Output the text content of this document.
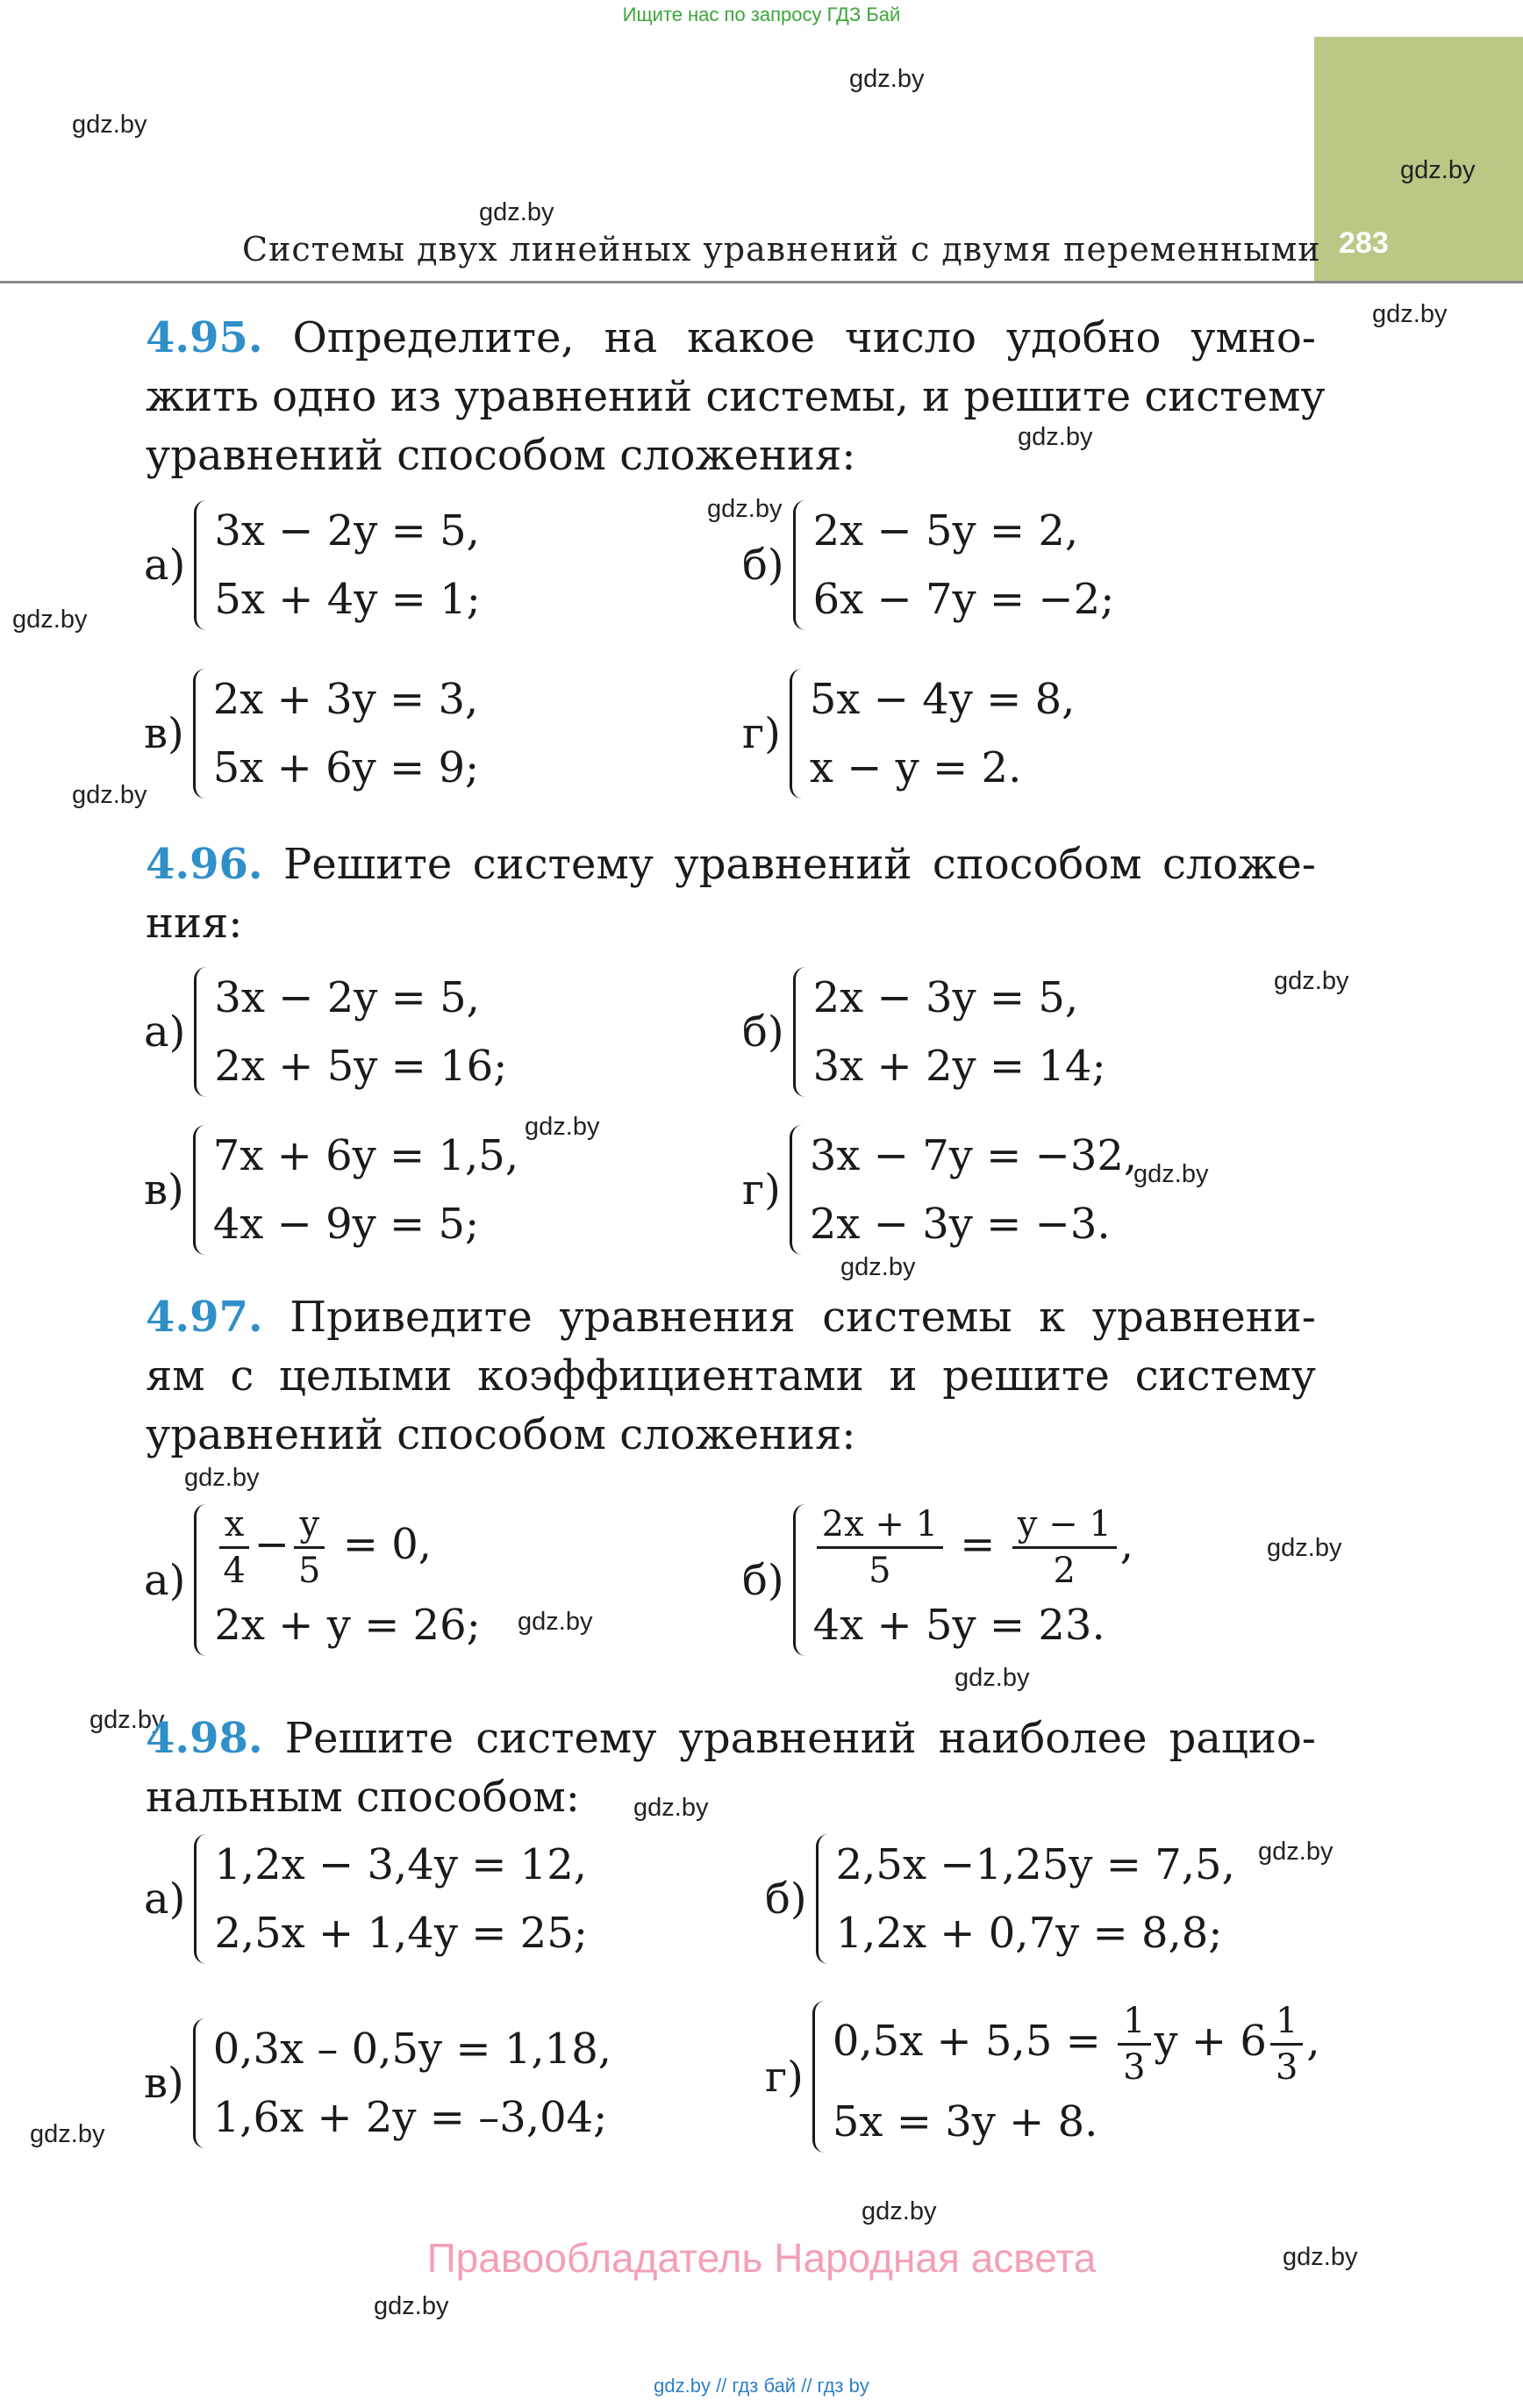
Ищите нас по запросу ГДЗ Бай
283
Системы двух линейных уравнений с двумя переменными
gdz.by
gdz.by
gdz.by
gdz.by
gdz.by
gdz.by
gdz.by
gdz.by
gdz.by
gdz.by
gdz.by
gdz.by
gdz.by
gdz.by
gdz.by
gdz.by
gdz.by
gdz.by
gdz.by
gdz.by
gdz.by
gdz.by
gdz.by
gdz.by
4.95. Определите, на какое число удобно умно-
жить одно из уравнений системы, и решите систему
уравнений способом сложения:
а)
3x − 2y = 5,
5x + 4y = 1;
б)
2x − 5y = 2,
6x − 7y = −2;
в)
2x + 3y = 3,
5x + 6y = 9;
г)
5x − 4y = 8,
x − y = 2.
4.96. Решите систему уравнений способом сложе-
ния:
а)
3x − 2y = 5,
2x + 5y = 16;
б)
2x − 3y = 5,
3x + 2y = 14;
в)
7x + 6y = 1,5,
4x − 9y = 5;
г)
3x − 7y = −32,
2x − 3y = −3.
4.97. Приведите уравнения системы к уравнени-
ям с целыми коэффициентами и решите систему
уравнений способом сложения:
$а) \frac{x}{4} - \frac{y}{5} = 0$,
2x + y = 26;
$б) \frac{2x + 1}{5} = \frac{y - 1}{2}$ ,
4x + 5y = 23.
4.98. Решите систему уравнений наиболее рацио-
нальным способом:
а)
1,2x − 3,4y = 12,
2,5x + 1,4y = 25;
б)
2,5x −1,25y = 7,5,
1,2x + 0,7y = 8,8;
в)
0,3x – 0,5y = 1,18,
1,6x + 2y = –3,04;
г)
$0,5x + 5,5 = \frac{1}{3}$ $y + 6 \frac{1}{3}$ ,
5x = 3y + 8.
Правообладатель Народная асвета
gdz.by // гдз бай // гдз by
